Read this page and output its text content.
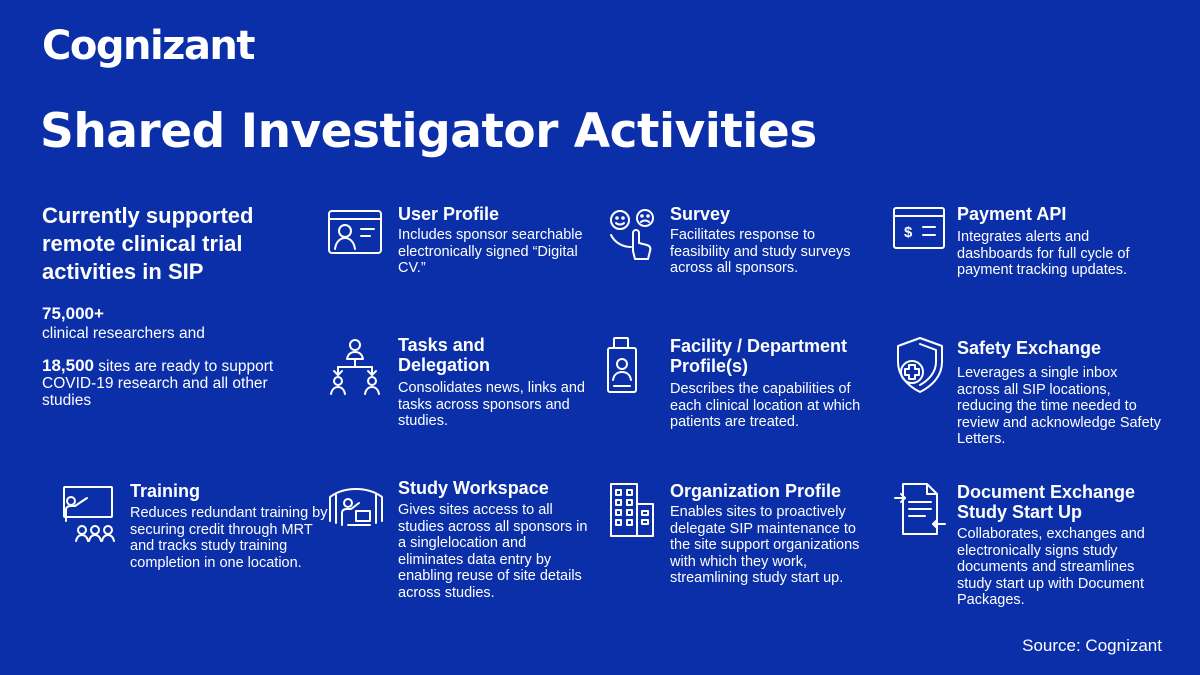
Cognizant
Shared Investigator Activities
Currently supported remote clinical trial activities in SIP
75,000+
clinical researchers and
18,500 sites are ready to support COVID-19 research and all other studies
User Profile
Includes sponsor searchable electronically signed “Digital CV.”
Survey
Facilitates response to feasibility and study surveys across all sponsors.
$
Payment API
Integrates alerts and dashboards for full cycle of payment tracking updates.
Tasks and Delegation
Consolidates news, links and tasks across sponsors and studies.
Facility / Department Profile(s)
Describes the capabilities of each clinical location at which patients are treated.
Safety Exchange
Leverages a single inbox across all SIP locations, reducing the time needed to review and acknowledge Safety Letters.
Training
Reduces redundant training by securing credit through MRT and tracks study training completion in one location.
Study Workspace
Gives sites access to all studies across all sponsors in a singlelocation and eliminates data entry by enabling reuse of site details across studies.
Organization Profile
Enables sites to proactively delegate SIP maintenance to the site support organizations with which they work, streamlining study start up.
Document Exchange Study Start Up
Collaborates, exchanges and electronically signs study documents and streamlines study start up with Document Packages.
Source: Cognizant
